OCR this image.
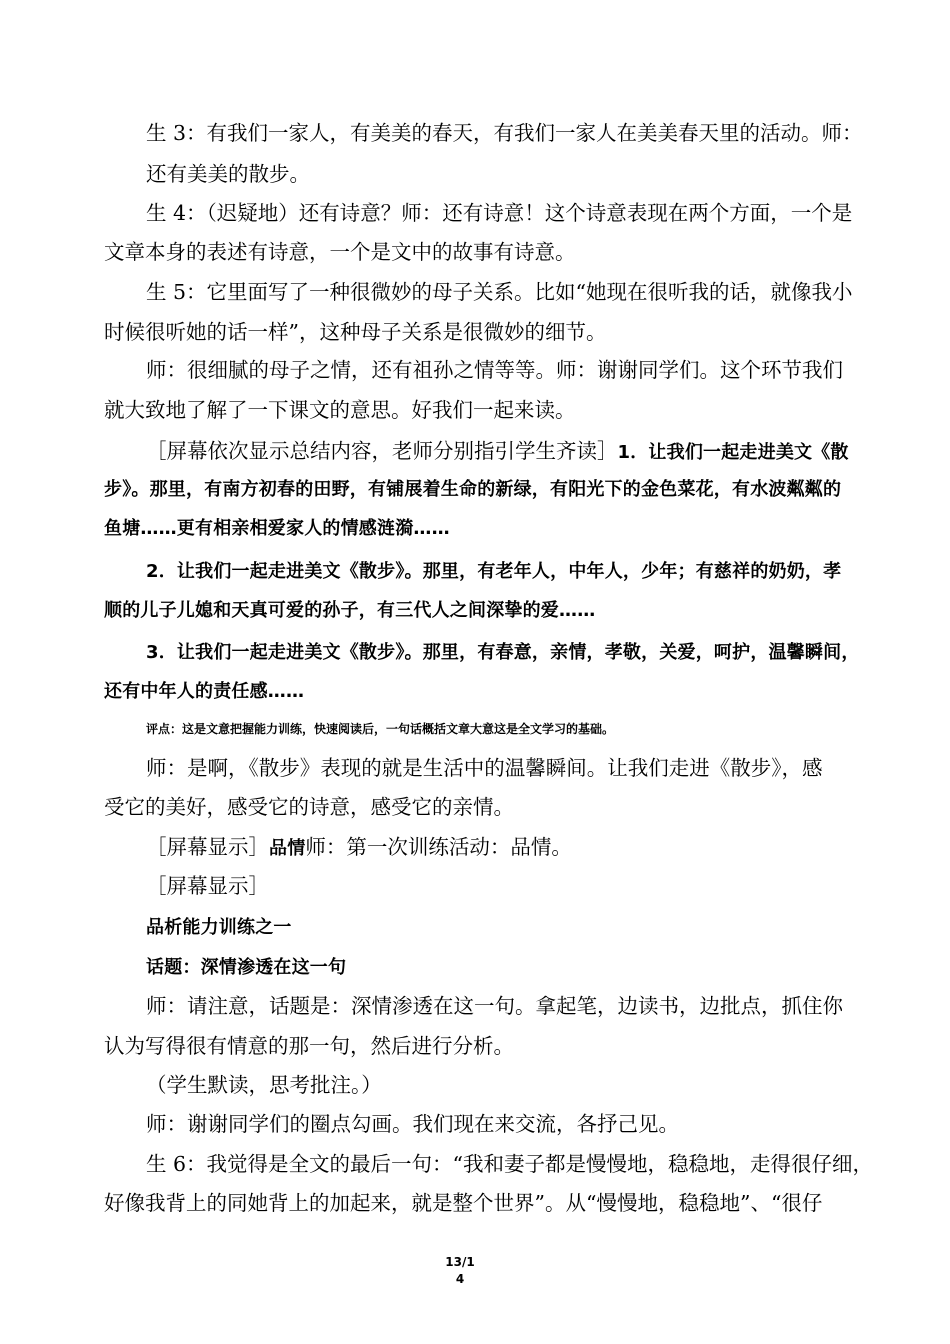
生 3：有我们一家人，有美美的春天，有我们一家人在美美春天里的活动。师：
还有美美的散步。
生 4：（迟疑地）还有诗意？师：还有诗意！这个诗意表现在两个方面，一个是
文章本身的表述有诗意，一个是文中的故事有诗意。
生 5：它里面写了一种很微妙的母子关系。比如“她现在很听我的话，就像我小
时候很听她的话一样”，这种母子关系是很微妙的细节。
师：很细腻的母子之情，还有祖孙之情等等。师：谢谢同学们。这个环节我们
就大致地了解了一下课文的意思。好我们一起来读。
［屏幕依次显示总结内容，老师分别指引学生齐读］1．让我们一起走进美文《散
步》。那里，有南方初春的田野，有铺展着生命的新绿，有阳光下的金色菜花，有水波粼粼的
鱼塘……更有相亲相爱家人的情感涟漪……
2．让我们一起走进美文《散步》。那里，有老年人，中年人，少年；有慈祥的奶奶，孝
顺的儿子儿媳和天真可爱的孙子，有三代人之间深挚的爱……
3．让我们一起走进美文《散步》。那里，有春意，亲情，孝敬，关爱，呵护，温馨瞬间，
还有中年人的责任感……
评点：这是文意把握能力训练，快速阅读后，一句话概括文章大意这是全文学习的基础。
师：是啊，《散步》表现的就是生活中的温馨瞬间。让我们走进《散步》，感
受它的美好，感受它的诗意，感受它的亲情。
［屏幕显示］品情师：第一次训练活动：品情。
［屏幕显示］
品析能力训练之一
话题：深情渗透在这一句
师：请注意，话题是：深情渗透在这一句。拿起笔，边读书，边批点，抓住你
认为写得很有情意的那一句，然后进行分析。
（学生默读，思考批注。）
师：谢谢同学们的圈点勾画。我们现在来交流，各抒己见。
生 6：我觉得是全文的最后一句：“我和妻子都是慢慢地，稳稳地，走得很仔细，
好像我背上的同她背上的加起来，就是整个世界”。从“慢慢地，稳稳地”、“很仔
13/1
4
